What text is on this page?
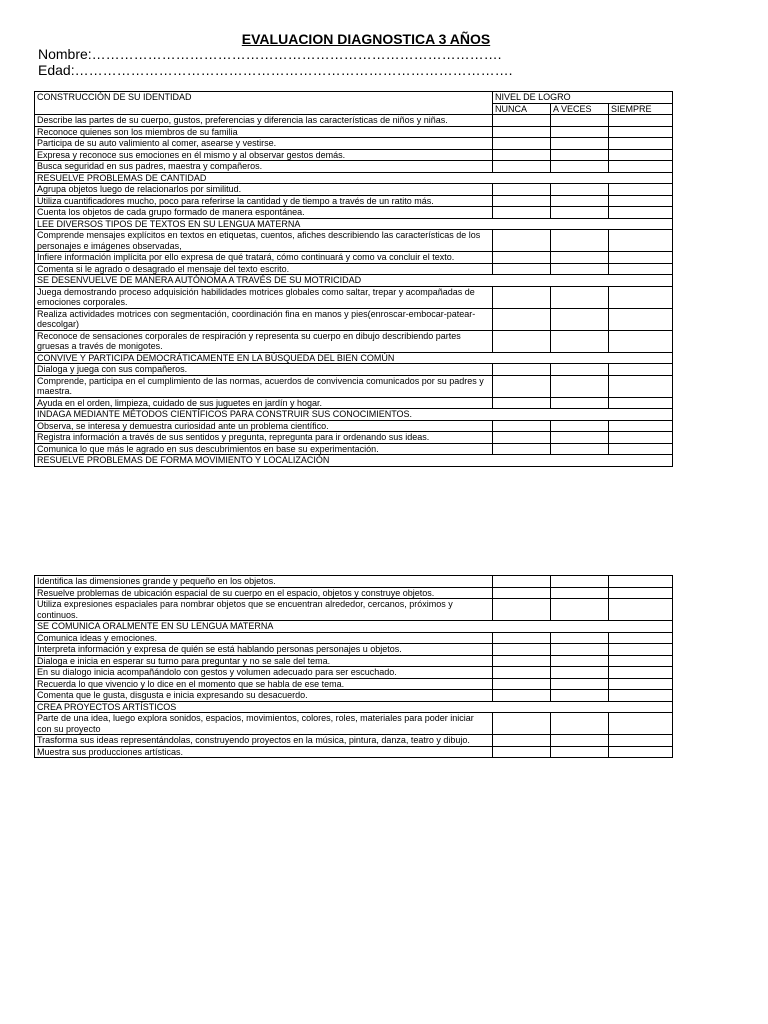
EVALUACION DIAGNOSTICA 3 AÑOS
Nombre:…………………………………………………………………………….
Edad:………………………………………………………………………………….
CONSTRUCCIÓN DE SU IDENTIDAD	NIVEL DE LOGRO		
	NUNCA	A VECES	SIEMPRE
Describe las partes de su cuerpo, gustos, preferencias y diferencia las características de niños y niñas.			
Reconoce quienes son los miembros de su familia			
Participa de su auto valimiento al comer, asearse y vestirse.			
Expresa y reconoce sus emociones en él mismo y al observar gestos demás.			
Busca seguridad en sus padres, maestra y compañeros.			
RESUELVE PROBLEMAS DE CANTIDAD			
Agrupa objetos luego de relacionarlos por similitud.			
Utiliza cuantificadores mucho, poco para referirse la cantidad y de tiempo a través de un ratito más.			
Cuenta los objetos de cada grupo formado de manera espontánea.			
LEE DIVERSOS TIPOS DE TEXTOS EN SU LENGUA MATERNA			
Comprende mensajes explícitos en textos en etiquetas, cuentos, afiches describiendo las características de los personajes e imágenes observadas,			
Infiere información implícita por ello expresa de qué tratará, cómo continuará y como va concluir el texto.			
Comenta si le agrado o desagrado el mensaje del texto escrito.			
SE DESENVUELVE DE MANERA AUTÓNOMA A TRAVÉS DE SU MOTRICIDAD			
Juega demostrando proceso adquisición habilidades motrices globales como saltar, trepar y acompañadas de emociones corporales.			
Realiza actividades motrices con segmentación, coordinación fina en manos y pies(enroscar-embocar-patear-descolgar)			
Reconoce de sensaciones corporales de respiración y representa su cuerpo en dibujo describiendo partes gruesas a través de monigotes.			
CONVIVE Y PARTICIPA DEMOCRÁTICAMENTE EN LA BÚSQUEDA DEL BIEN COMÚN			
Dialoga y juega con sus compañeros.			
Comprende, participa en el cumplimiento de las normas, acuerdos de convivencia comunicados por su padres y maestra.			
Ayuda en el orden, limpieza, cuidado de sus juguetes en jardín y hogar.			
INDAGA MEDIANTE MÉTODOS CIENTÍFICOS PARA CONSTRUIR SUS CONOCIMIENTOS.			
Observa, se interesa y demuestra curiosidad ante un problema científico.			
Registra información a través de sus sentidos y pregunta, repregunta para ir ordenando sus ideas.			
Comunica lo que más le agrado en sus descubrimientos en base su experimentación.			
RESUELVE PROBLEMAS DE FORMA MOVIMIENTO Y LOCALIZACIÓN			
Identifica las dimensiones grande y pequeño en los objetos.			
Resuelve problemas de ubicación espacial de su cuerpo en el espacio, objetos y construye objetos.			
Utiliza expresiones espaciales para nombrar objetos que se encuentran alrededor, cercanos, próximos y continuos.			
SE COMUNICA ORALMENTE EN SU LENGUA MATERNA			
Comunica ideas y emociones.			
Interpreta información y expresa de quién se está hablando personas personajes u objetos.			
Dialoga e inicia en esperar su turno para preguntar y no se sale del tema.			
En su dialogo inicia acompañándolo con gestos y volumen adecuado para ser escuchado.			
Recuerda lo que vivencio y lo dice en el momento que se habla de ese tema.			
Comenta que le gusta, disgusta e inicia expresando su desacuerdo.			
CREA PROYECTOS ARTÍSTICOS			
Parte de una idea, luego explora sonidos, espacios, movimientos, colores, roles, materiales para poder iniciar con su proyecto			
Trasforma sus ideas representándolas, construyendo proyectos en la música, pintura, danza, teatro y dibujo.			
Muestra sus producciones artísticas.			
